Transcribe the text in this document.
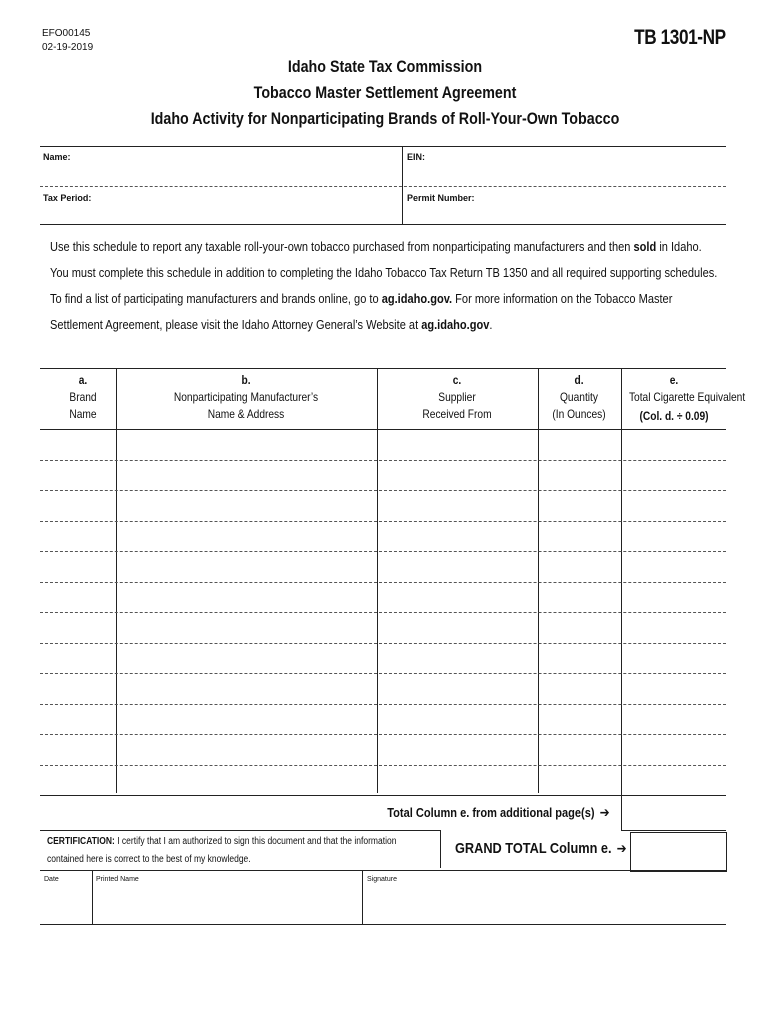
EFO00145
02-19-2019	TB 1301-NP
Idaho State Tax Commission
Tobacco Master Settlement Agreement
Idaho Activity for Nonparticipating Brands of Roll-Your-Own Tobacco
Name:	EIN:
Tax Period:	Permit Number:
Use this schedule to report any taxable roll-your-own tobacco purchased from nonparticipating manufacturers and then sold in Idaho. You must complete this schedule in addition to completing the Idaho Tobacco Tax Return TB 1350 and all required supporting schedules. To find a list of participating manufacturers and brands online, go to ag.idaho.gov. For more information on the Tobacco Master Settlement Agreement, please visit the Idaho Attorney General’s Website at ag.idaho.gov.
a.
Brand
Name
b.
Nonparticipating Manufacturer’s
Name & Address
c.
Supplier
Received From
d.
Quantity
(In Ounces)
e.
Total Cigarette Equivalent
(Col. d. ÷ 0.09)
Total Column e. from additional page(s) ➔
CERTIFICATION: I certify that I am authorized to sign this document and that the information
contained here is correct to the best of my knowledge.
GRAND TOTAL Column e. ➔
Date	Printed Name	Signature
